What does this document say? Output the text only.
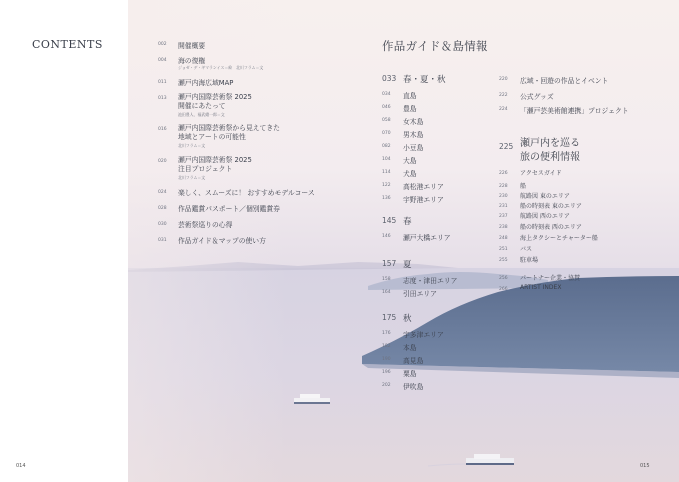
CONTENTS
014
002 開催概要
004 海の復権
ジョゼ・デ・ギマランイス＝絵　北川フラム＝文
011 瀬戸内海広域MAP
013 瀬戸内国際芸術祭 2025
開催にあたって
池田豊人、福武總一郎＝文
016 瀬戸内国際芸術祭から見えてきた
地域とアートの可能性
北川フラム＝文
020 瀬戸内国際芸術祭 2025
注目プロジェクト
北川フラム＝文
024 楽しく、スムーズに！ おすすめモデルコース
028 作品鑑賞パスポート／個別鑑賞券
030 芸術祭巡りの心得
031 作品ガイド＆マップの使い方
作品ガイド＆島情報
033 春・夏・秋
034 直島
046 豊島
058 女木島
070 男木島
082 小豆島
104 大島
114 犬島
122 高松港エリア
136 宇野港エリア
145 春
146 瀬戸大橋エリア
157 夏
158 志度・津田エリア
164 引田エリア
175 秋
176 宇多津エリア
182 本島
190 高見島
196 粟島
202 伊吹島
220 広域・回遊の作品とイベント
222 公式グッズ
224 「瀬戸芸美術館連携」プロジェクト
225 瀬戸内を巡る
旅の便利情報
226 アクセスガイド
228 船
230 航路図 東のエリア
231 船の時刻表 東のエリア
237 航路図 西のエリア
238 船の時刻表 西のエリア
248 海上タクシーとチャーター船
251 バス
255 駐車場
256 パートナー企業・協賛
266 ARTIST INDEX
015
